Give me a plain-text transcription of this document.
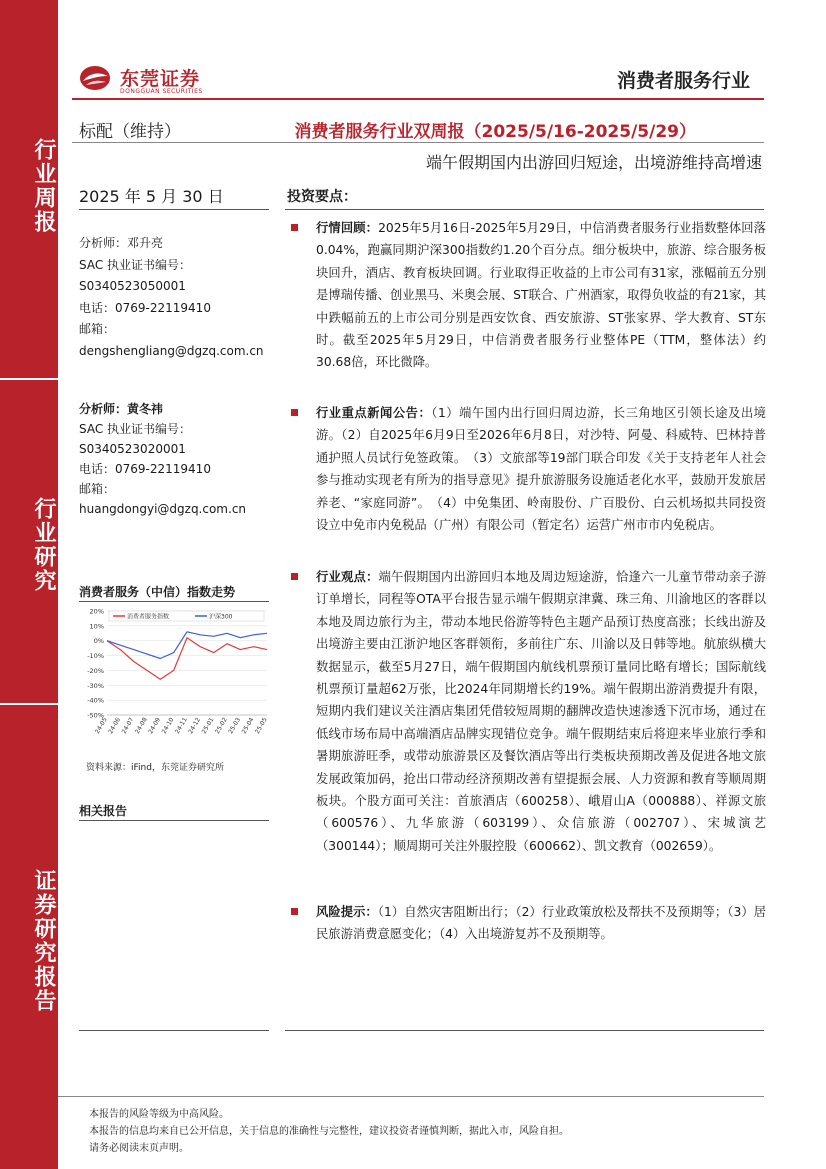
行业周报
行业研究
证券研究报告
东莞证券
DONGGUAN SECURITIES	消费者服务行业
标配（维持）	消费者服务行业双周报（2025/5/16-2025/5/29）
端午假期国内出游回归短途，出境游维持高增速
2025 年 5 月 30 日	投资要点：
分析师：邓升亮
SAC 执业证书编号：
S0340523050001
电话：0769-22119410
邮箱：
dengshengliang@dgzq.com.cn
分析师：黄冬祎
SAC 执业证书编号：
S0340523020001
电话：0769-22119410
邮箱：
huangdongyi@dgzq.com.cn
消费者服务（中信）指数走势
20%
10%
0%
-10%
-20%
-30%
-40%
-50%
24-05
24-06
24-07
24-08
24-09
24-10
24-11
24-12
25-01
25-02
25-03
25-04
25-05
消费者服务指数	沪深300
资料来源：iFind，东莞证券研究所
相关报告
行情回顾：2025年5月16日-2025年5月29日，中信消费者服务行业指数整体回落0.04%，跑赢同期沪深300指数约1.20个百分点。细分板块中，旅游、综合服务板块回升，酒店、教育板块回调。行业取得正收益的上市公司有31家，涨幅前五分别是博瑞传播、创业黑马、米奥会展、ST联合、广州酒家，取得负收益的有21家，其中跌幅前五的上市公司分别是西安饮食、西安旅游、ST张家界、学大教育、ST东时。截至2025年5月29日，中信消费者服务行业整体PE（TTM，整体法）约30.68倍，环比微降。
行业重点新闻公告：（1）端午国内出行回归周边游，长三角地区引领长途及出境游。（2）自2025年6月9日至2026年6月8日，对沙特、阿曼、科威特、巴林持普通护照人员试行免签政策。　（3）文旅部等19部门联合印发《关于支持老年人社会参与推动实现老有所为的指导意见》提升旅游服务设施适老化水平，鼓励开发旅居养老、“家庭同游”。　（4）中免集团、岭南股份、广百股份、白云机场拟共同投资设立中免市内免税品（广州）有限公司（暂定名）运营广州市市内免税店。
行业观点：端午假期国内出游回归本地及周边短途游，恰逢六一儿童节带动亲子游订单增长，同程等OTA平台报告显示端午假期京津冀、珠三角、川渝地区的客群以本地及周边旅行为主，带动本地民俗游等特色主题产品预订热度高涨；长线出游及出境游主要由江浙沪地区客群领衔，多前往广东、川渝以及日韩等地。航旅纵横大数据显示，截至5月27日，端午假期国内航线机票预订量同比略有增长；国际航线机票预订量超62万张，比2024年同期增长约19%。端午假期出游消费提升有限，短期内我们建议关注酒店集团凭借较短周期的翻牌改造快速渗透下沉市场，通过在低线市场布局中高端酒店品牌实现错位竞争。端午假期结束后将迎来毕业旅行季和暑期旅游旺季，或带动旅游景区及餐饮酒店等出行类板块预期改善及促进各地文旅发展政策加码，抢出口带动经济预期改善有望提振会展、人力资源和教育等顺周期板块。个股方面可关注：首旅酒店（600258）、峨眉山A（000888）、祥源文旅（600576）、九华旅游（603199）、众信旅游（002707）、宋城演艺（300144）；顺周期可关注外服控股（600662）、凯文教育（002659）。
风险提示：（1）自然灾害阻断出行；（2）行业政策放松及帮扶不及预期等；（3）居民旅游消费意愿变化；（4）入出境游复苏不及预期等。
本报告的风险等级为中高风险。
本报告的信息均来自已公开信息，关于信息的准确性与完整性，建议投资者谨慎判断，据此入市，风险自担。
请务必阅读末页声明。
